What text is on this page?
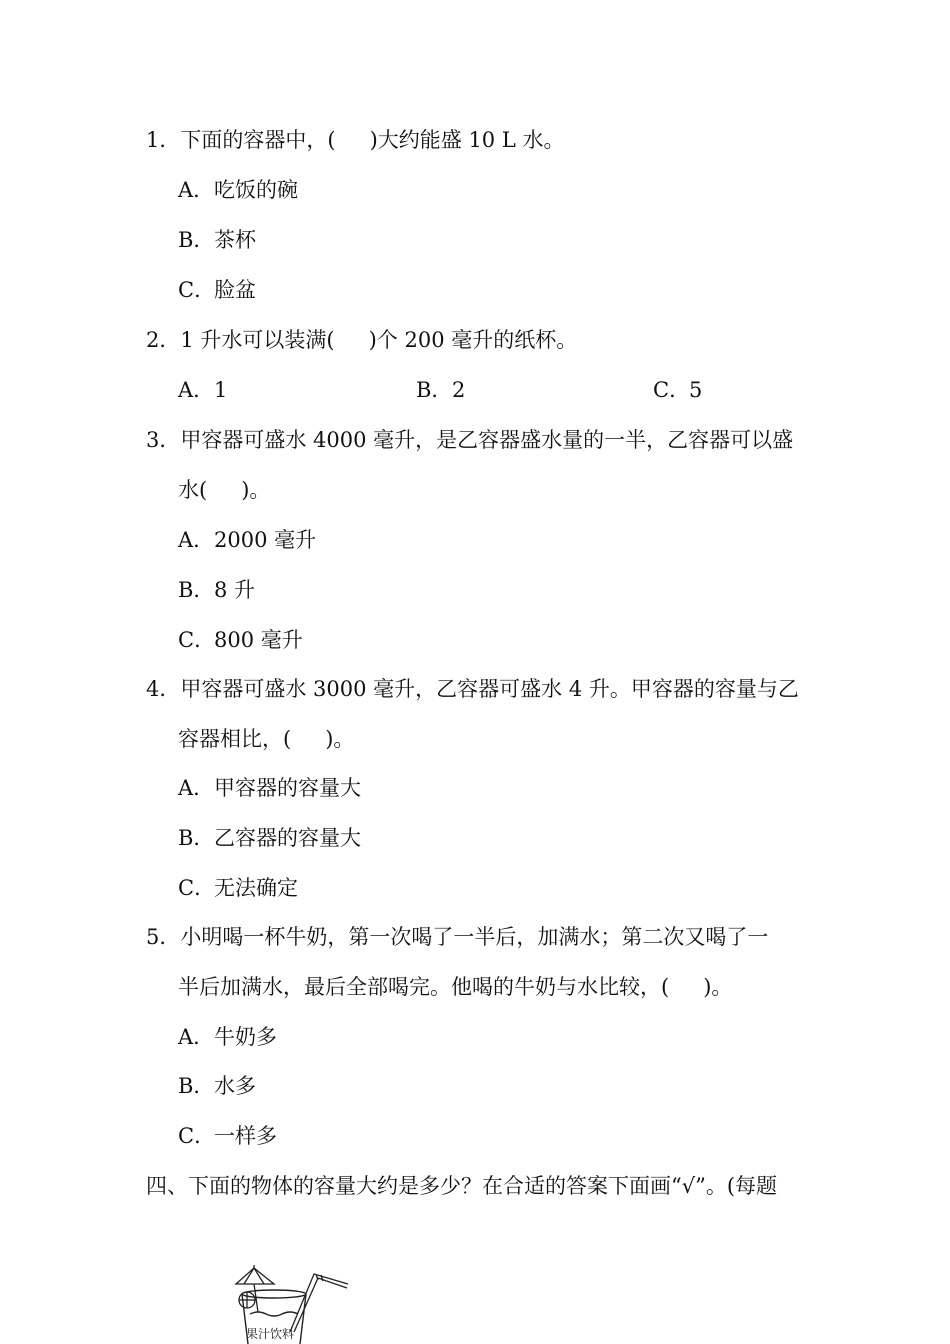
1．下面的容器中，( )大约能盛 10 L 水。
A．吃饭的碗
B．茶杯
C．脸盆
2．1 升水可以装满( )个 200 毫升的纸杯。
A．1	B．2	C．5
3．甲容器可盛水 4000 毫升，是乙容器盛水量的一半，乙容器可以盛
水( )。
A．2000 毫升
B．8 升
C．800 毫升
4．甲容器可盛水 3000 毫升，乙容器可盛水 4 升。甲容器的容量与乙
容器相比，( )。
A．甲容器的容量大
B．乙容器的容量大
C．无法确定
5．小明喝一杯牛奶，第一次喝了一半后，加满水；第二次又喝了一
半后加满水，最后全部喝完。他喝的牛奶与水比较，( )。
A．牛奶多
B．水多
C．一样多
四、下面的物体的容量大约是多少？在合适的答案下面画“√”。(每题
果汁饮料
